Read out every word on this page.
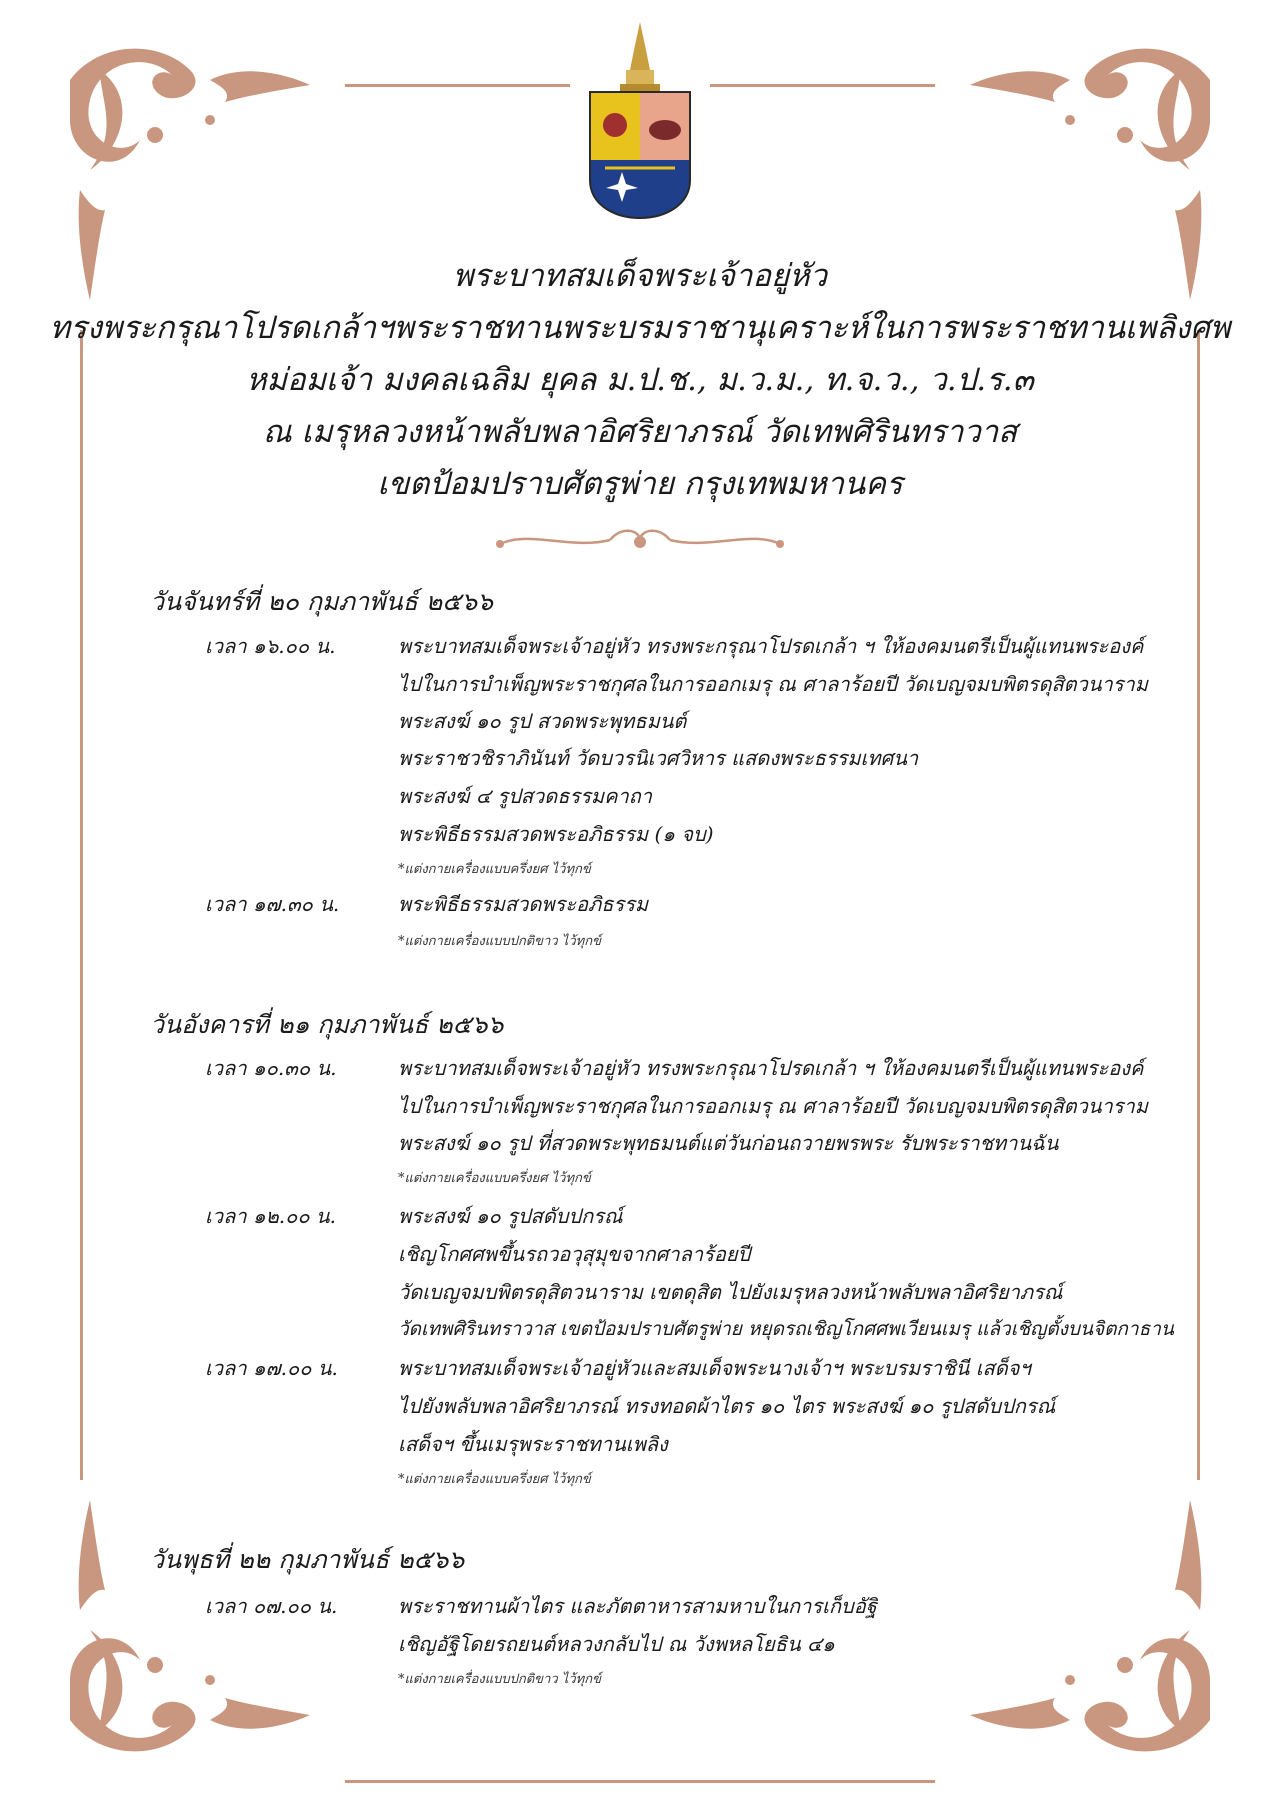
พระบาทสมเด็จพระเจ้าอยู่หัว
ทรงพระกรุณาโปรดเกล้าฯพระราชทานพระบรมราชานุเคราะห์ในการพระราชทานเพลิงศพ
หม่อมเจ้า มงคลเฉลิม ยุคล ม.ป.ช., ม.ว.ม., ท.จ.ว., ว.ป.ร.๓
ณ เมรุหลวงหน้าพลับพลาอิศริยาภรณ์ วัดเทพศิรินทราวาส
เขตป้อมปราบศัตรูพ่าย กรุงเทพมหานคร
วันจันทร์ที่ ๒๐ กุมภาพันธ์ ๒๕๖๖
เวลา ๑๖.๐๐ น.	พระบาทสมเด็จพระเจ้าอยู่หัว ทรงพระกรุณาโปรดเกล้า ฯ ให้องคมนตรีเป็นผู้แทนพระองค์
ไปในการบำเพ็ญพระราชกุศลในการออกเมรุ ณ ศาลาร้อยปี วัดเบญจมบพิตรดุสิตวนาราม
พระสงฆ์ ๑๐ รูป สวดพระพุทธมนต์
พระราชวชิราภินันท์ วัดบวรนิเวศวิหาร แสดงพระธรรมเทศนา
พระสงฆ์ ๔ รูปสวดธรรมคาถา
พระพิธีธรรมสวดพระอภิธรรม (๑ จบ)
*แต่งกายเครื่องแบบครึ่งยศ ไว้ทุกข์
เวลา ๑๗.๓๐ น.	พระพิธีธรรมสวดพระอภิธรรม
*แต่งกายเครื่องแบบปกติขาว ไว้ทุกข์
วันอังคารที่ ๒๑ กุมภาพันธ์ ๒๕๖๖
เวลา ๑๐.๓๐ น.	พระบาทสมเด็จพระเจ้าอยู่หัว ทรงพระกรุณาโปรดเกล้า ฯ ให้องคมนตรีเป็นผู้แทนพระองค์
ไปในการบำเพ็ญพระราชกุศลในการออกเมรุ ณ ศาลาร้อยปี วัดเบญจมบพิตรดุสิตวนาราม
พระสงฆ์ ๑๐ รูป ที่สวดพระพุทธมนต์แต่วันก่อนถวายพรพระ รับพระราชทานฉัน
*แต่งกายเครื่องแบบครึ่งยศ ไว้ทุกข์
เวลา ๑๒.๐๐ น.	พระสงฆ์ ๑๐ รูปสดับปกรณ์
เชิญโกศศพขึ้นรถวอวุสุมุขจากศาลาร้อยปี
วัดเบญจมบพิตรดุสิตวนาราม เขตดุสิต ไปยังเมรุหลวงหน้าพลับพลาอิศริยาภรณ์
วัดเทพศิรินทราวาส เขตป้อมปราบศัตรูพ่าย หยุดรถเชิญโกศศพเวียนเมรุ แล้วเชิญตั้งบนจิตกาธาน
เวลา ๑๗.๐๐ น.	พระบาทสมเด็จพระเจ้าอยู่หัวและสมเด็จพระนางเจ้าฯ พระบรมราชินี เสด็จฯ
ไปยังพลับพลาอิศริยาภรณ์ ทรงทอดผ้าไตร ๑๐ ไตร พระสงฆ์ ๑๐ รูปสดับปกรณ์
เสด็จฯ ขึ้นเมรุพระราชทานเพลิง
*แต่งกายเครื่องแบบครึ่งยศ ไว้ทุกข์
วันพุธที่ ๒๒ กุมภาพันธ์ ๒๕๖๖
เวลา ๐๗.๐๐ น.	พระราชทานผ้าไตร และภัตตาหารสามหาบในการเก็บอัฐิ
เชิญอัฐิโดยรถยนต์หลวงกลับไป ณ วังพหลโยธิน ๔๑
*แต่งกายเครื่องแบบปกติขาว ไว้ทุกข์
